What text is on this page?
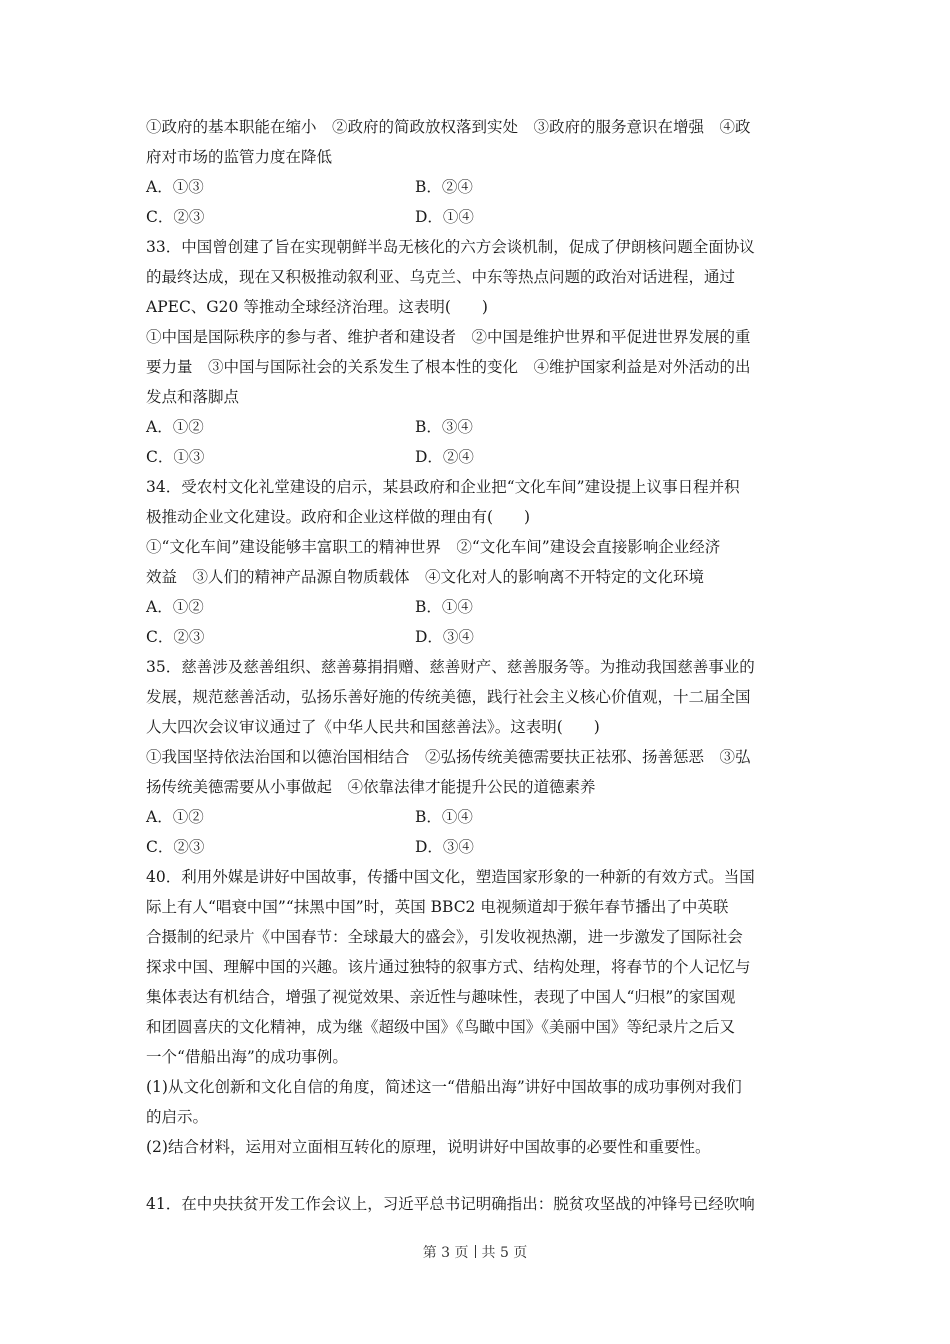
①政府的基本职能在缩小　②政府的简政放权落到实处　③政府的服务意识在增强　④政

府对市场的监管力度在降低

A．①③	B．②④
C．②③	D．①④

33．中国曾创建了旨在实现朝鲜半岛无核化的六方会谈机制，促成了伊朗核问题全面协议

的最终达成，现在又积极推动叙利亚、乌克兰、中东等热点问题的政治对话进程，通过

APEC、G20 等推动全球经济治理。这表明(　　)

①中国是国际秩序的参与者、维护者和建设者　②中国是维护世界和平促进世界发展的重

要力量　③中国与国际社会的关系发生了根本性的变化　④维护国家利益是对外活动的出

发点和落脚点

A．①②	B．③④
C．①③	D．②④

34．受农村文化礼堂建设的启示，某县政府和企业把“文化车间”建设提上议事日程并积

极推动企业文化建设。政府和企业这样做的理由有(　　)

①“文化车间”建设能够丰富职工的精神世界　②“文化车间”建设会直接影响企业经济

效益　③人们的精神产品源自物质载体　④文化对人的影响离不开特定的文化环境

A．①②	B．①④
C．②③	D．③④

35．慈善涉及慈善组织、慈善募捐捐赠、慈善财产、慈善服务等。为推动我国慈善事业的

发展，规范慈善活动，弘扬乐善好施的传统美德，践行社会主义核心价值观，十二届全国

人大四次会议审议通过了《中华人民共和国慈善法》。这表明(　　)

①我国坚持依法治国和以德治国相结合　②弘扬传统美德需要扶正祛邪、扬善惩恶　③弘

扬传统美德需要从小事做起　④依靠法律才能提升公民的道德素养

A．①②	B．①④
C．②③	D．③④

40．利用外媒是讲好中国故事，传播中国文化，塑造国家形象的一种新的有效方式。当国

际上有人“唱衰中国”“抹黑中国”时，英国 BBC2 电视频道却于猴年春节播出了中英联

合摄制的纪录片《中国春节：全球最大的盛会》，引发收视热潮，进一步激发了国际社会

探求中国、理解中国的兴趣。该片通过独特的叙事方式、结构处理，将春节的个人记忆与

集体表达有机结合，增强了视觉效果、亲近性与趣味性，表现了中国人“归根”的家国观

和团圆喜庆的文化精神，成为继《超级中国》《鸟瞰中国》《美丽中国》等纪录片之后又

一个“借船出海”的成功事例。

(1)从文化创新和文化自信的角度，简述这一“借船出海”讲好中国故事的成功事例对我们

的启示。

(2)结合材料，运用对立面相互转化的原理，说明讲好中国故事的必要性和重要性。

41．在中央扶贫开发工作会议上，习近平总书记明确指出：脱贫攻坚战的冲锋号已经吹响

第 3 页 共 5 页
